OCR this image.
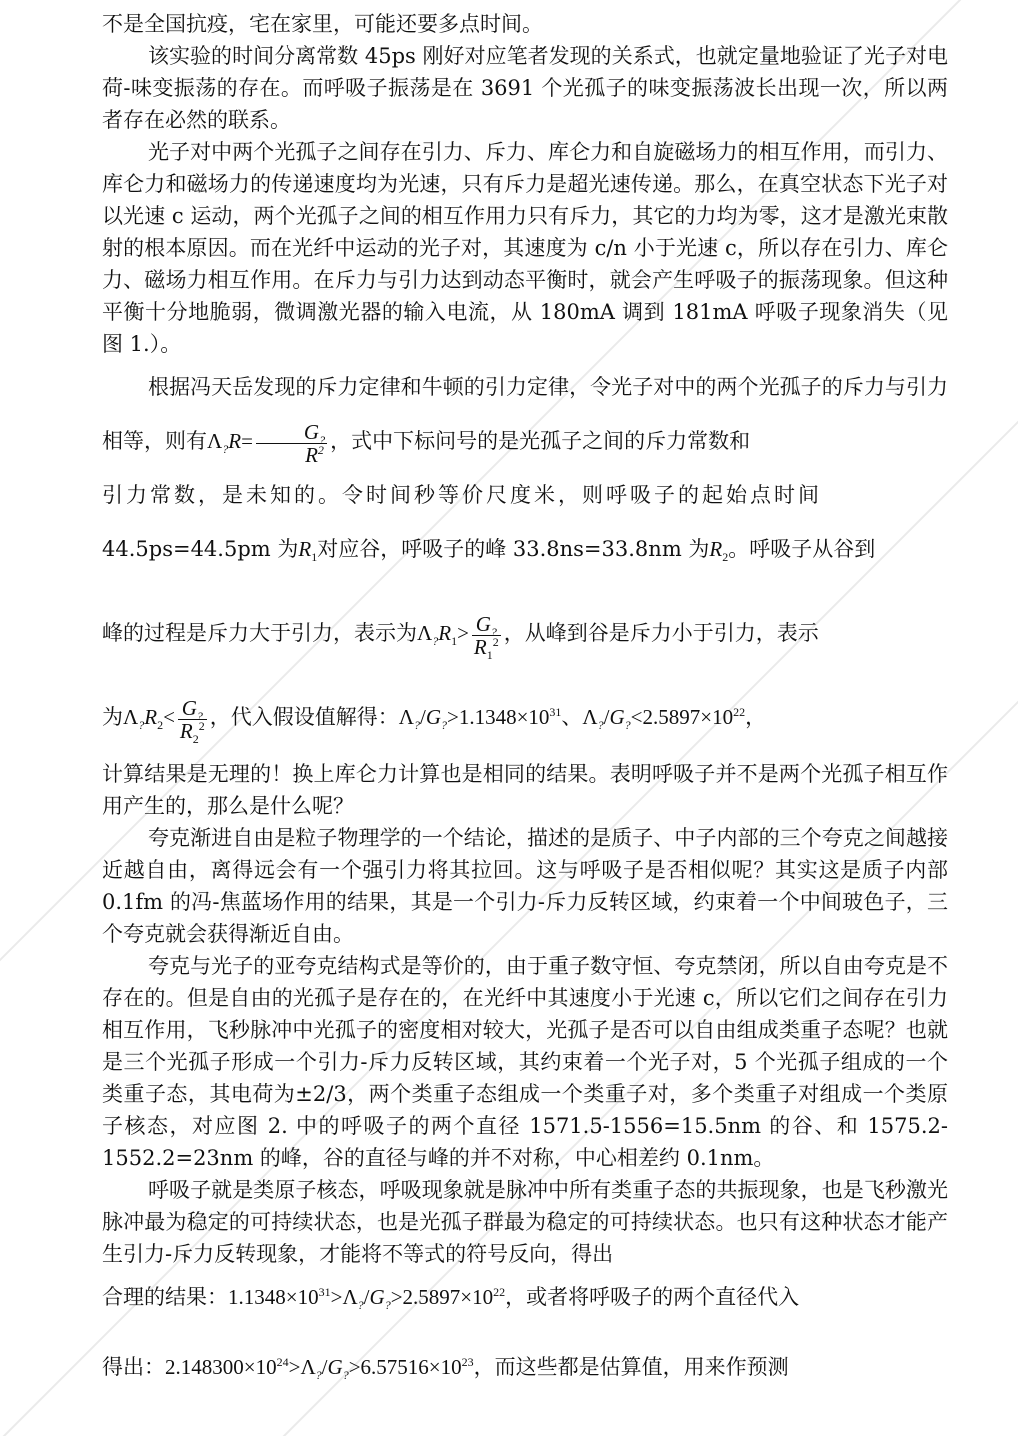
不是全国抗疫，宅在家里，可能还要多点时间。

该实验的时间分离常数 45ps 刚好对应笔者发现的关系式，也就定量地验证了光子对电荷-味变振荡的存在。而呼吸子振荡是在 3691 个光孤子的味变振荡波长出现一次，所以两者存在必然的联系。

光子对中两个光孤子之间存在引力、斥力、库仑力和自旋磁场力的相互作用，而引力、库仑力和磁场力的传递速度均为光速，只有斥力是超光速传递。那么，在真空状态下光子对以光速 c 运动，两个光孤子之间的相互作用力只有斥力，其它的力均为零，这才是激光束散射的根本原因。而在光纤中运动的光子对，其速度为 c/n 小于光速 c，所以存在引力、库仑力、磁场力相互作用。在斥力与引力达到动态平衡时，就会产生呼吸子的振荡现象。但这种平衡十分地脆弱，微调激光器的输入电流，从 180mA 调到 181mA 呼吸子现象消失（见图 1.）。

根据冯天岳发现的斥力定律和牛顿的引力定律，令光子对中的两个光孤子的斥力与引力相等，则有$\Lambda_?R= \frac{G_?}{R^2}$ ，式中下标问号的是光孤子之间的斥力常数和

引力常数，是未知的。令时间秒等价尺度米，则呼吸子的起始点时间

44.5ps=44.5pm 为$R_1$对应谷，呼吸子的峰 33.8ns=33.8nm 为$R_2$。呼吸子从谷到

峰的过程是斥力大于引力，表示为$\Lambda_?R_1> \frac{G_?}{R_1^2}$ ，从峰到谷是斥力小于引力，表示

为$\Lambda_?R_2< \frac{G_?}{R_2^2}$ ，代入假设值解得：$\Lambda_?/G_?>1.1348\times 10^{31}$、$\Lambda_?/G_?<2.5897\times 10^{22}$，

计算结果是无理的！换上库仑力计算也是相同的结果。表明呼吸子并不是两个光孤子相互作用产生的，那么是什么呢？

夸克渐进自由是粒子物理学的一个结论，描述的是质子、中子内部的三个夸克之间越接近越自由，离得远会有一个强引力将其拉回。这与呼吸子是否相似呢？其实这是质子内部 0.1fm 的冯-焦蓝场作用的结果，其是一个引力-斥力反转区域，约束着一个中间玻色子，三个夸克就会获得渐近自由。

夸克与光子的亚夸克结构式是等价的，由于重子数守恒、夸克禁闭，所以自由夸克是不存在的。但是自由的光孤子是存在的，在光纤中其速度小于光速 c，所以它们之间存在引力相互作用，飞秒脉冲中光孤子的密度相对较大，光孤子是否可以自由组成类重子态呢？也就是三个光孤子形成一个引力-斥力反转区域，其约束着一个光子对，5 个光孤子组成的一个类重子态，其电荷为±2/3，两个类重子态组成一个类重子对，多个类重子对组成一个类原子核态，对应图 2. 中的呼吸子的两个直径 1571.5-1556=15.5nm 的谷、和 1575.2-1552.2=23nm 的峰，谷的直径与峰的并不对称，中心相差约 0.1nm。

呼吸子就是类原子核态，呼吸现象就是脉冲中所有类重子态的共振现象，也是飞秒激光脉冲最为稳定的可持续状态，也是光孤子群最为稳定的可持续状态。也只有这种状态才能产生引力-斥力反转现象，才能将不等式的符号反向，得出

合理的结果：$1.1348\times 10^{31}>\Lambda_?/G_?>2.5897\times 10^{22}$，或者将呼吸子的两个直径代入

得出：$2.148300\times 10^{24}>\Lambda_?/G_?>6.57516\times 10^{23}$，而这些都是估算值，用来作预测
